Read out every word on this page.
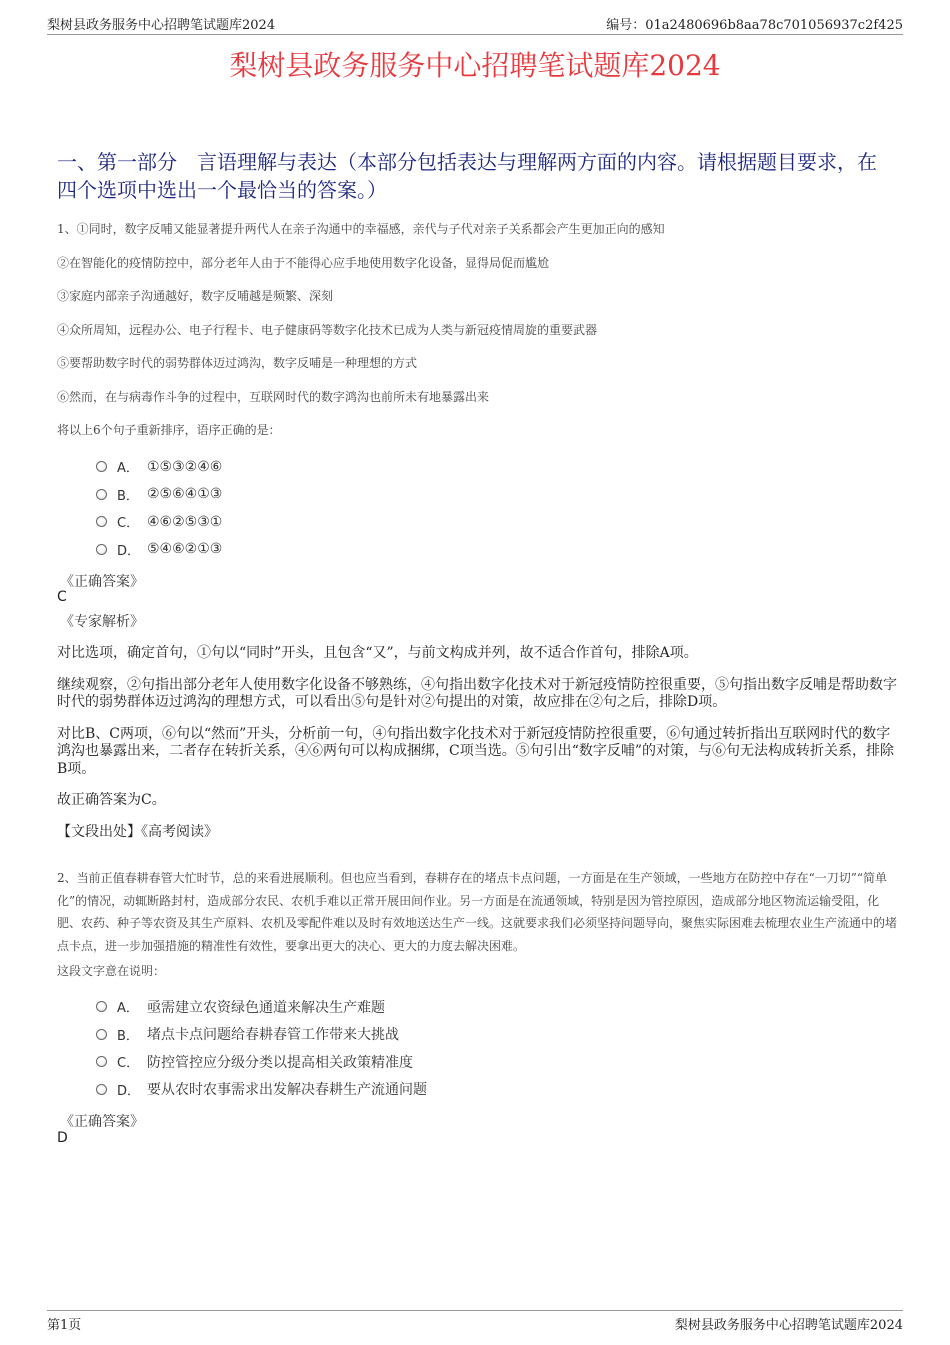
梨树县政务服务中心招聘笔试题库2024	编号：01a2480696b8aa78c701056937c2f425
梨树县政务服务中心招聘笔试题库2024
一、第一部分　言语理解与表达（本部分包括表达与理解两方面的内容。请根据题目要求，在四个选项中选出一个最恰当的答案。）

1、①同时，数字反哺又能显著提升两代人在亲子沟通中的幸福感，亲代与子代对亲子关系都会产生更加正向的感知

②在智能化的疫情防控中，部分老年人由于不能得心应手地使用数字化设备，显得局促而尴尬

③家庭内部亲子沟通越好，数字反哺越是频繁、深刻

④众所周知，远程办公、电子行程卡、电子健康码等数字化技术已成为人类与新冠疫情周旋的重要武器

⑤要帮助数字时代的弱势群体迈过鸿沟，数字反哺是一种理想的方式

⑥然而，在与病毒作斗争的过程中，互联网时代的数字鸿沟也前所未有地暴露出来

将以上6个句子重新排序，语序正确的是：

A． ①⑤③②④⑥
B． ②⑤⑥④①③
C． ④⑥②⑤③①
D． ⑤④⑥②①③
《正确答案》
C
《专家解析》

对比选项，确定首句，①句以“同时”开头，且包含“又”，与前文构成并列，故不适合作首句，排除A项。

继续观察，②句指出部分老年人使用数字化设备不够熟练，④句指出数字化技术对于新冠疫情防控很重要，⑤句指出数字反哺是帮助数字时代的弱势群体迈过鸿沟的理想方式，可以看出⑤句是针对②句提出的对策，故应排在②句之后，排除D项。

对比B、C两项，⑥句以“然而”开头，分析前一句，④句指出数字化技术对于新冠疫情防控很重要，⑥句通过转折指出互联网时代的数字鸿沟也暴露出来，二者存在转折关系，④⑥两句可以构成捆绑，C项当选。⑤句引出“数字反哺”的对策，与⑥句无法构成转折关系，排除B项。

故正确答案为C。

【文段出处】《高考阅读》

2、当前正值春耕春管大忙时节，总的来看进展顺利。但也应当看到，春耕存在的堵点卡点问题，一方面是在生产领域，一些地方在防控中存在“一刀切”“简单化”的情况，动辄断路封村，造成部分农民、农机手难以正常开展田间作业。另一方面是在流通领域，特别是因为管控原因，造成部分地区物流运输受阻，化肥、农药、种子等农资及其生产原料、农机及零配件难以及时有效地送达生产一线。这就要求我们必须坚持问题导向，聚焦实际困难去梳理农业生产流通中的堵点卡点，进一步加强措施的精准性有效性，要拿出更大的决心、更大的力度去解决困难。
这段文字意在说明：
A． 亟需建立农资绿色通道来解决生产难题
B． 堵点卡点问题给春耕春管工作带来大挑战
C． 防控管控应分级分类以提高相关政策精准度
D． 要从农时农事需求出发解决春耕生产流通问题
《正确答案》
D
第1页	梨树县政务服务中心招聘笔试题库2024
